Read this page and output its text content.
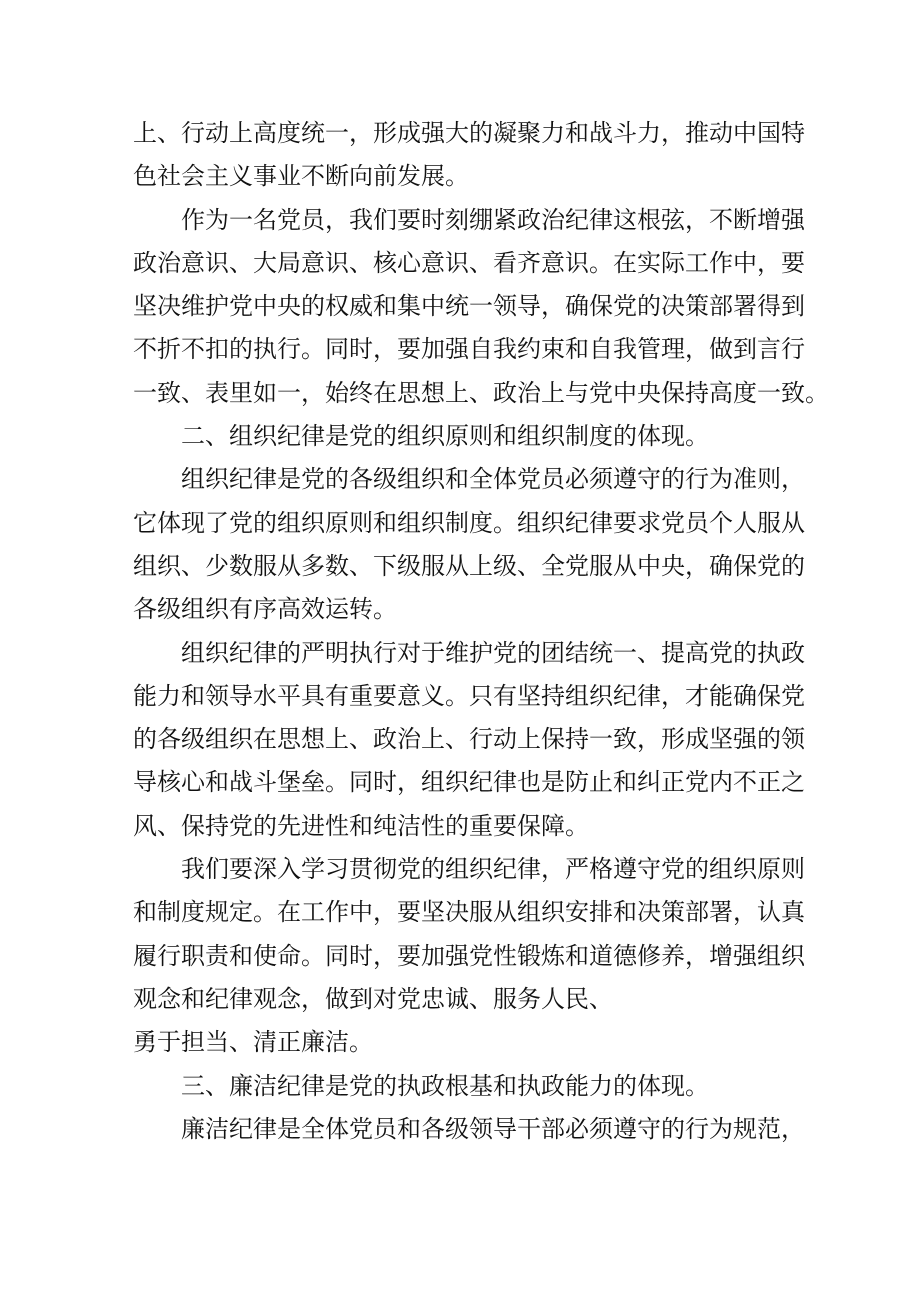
上、行动上高度统一，形成强大的凝聚力和战斗力，推动中国特
色社会主义事业不断向前发展。
　　作为一名党员，我们要时刻绷紧政治纪律这根弦，不断增强
政治意识、大局意识、核心意识、看齐意识。在实际工作中，要
坚决维护党中央的权威和集中统一领导，确保党的决策部署得到
不折不扣的执行。同时，要加强自我约束和自我管理，做到言行
一致、表里如一，始终在思想上、政治上与党中央保持高度一致。
　　二、组织纪律是党的组织原则和组织制度的体现。
　　组织纪律是党的各级组织和全体党员必须遵守的行为准则，
它体现了党的组织原则和组织制度。组织纪律要求党员个人服从
组织、少数服从多数、下级服从上级、全党服从中央，确保党的
各级组织有序高效运转。
　　组织纪律的严明执行对于维护党的团结统一、提高党的执政
能力和领导水平具有重要意义。只有坚持组织纪律，才能确保党
的各级组织在思想上、政治上、行动上保持一致，形成坚强的领
导核心和战斗堡垒。同时，组织纪律也是防止和纠正党内不正之
风、保持党的先进性和纯洁性的重要保障。
　　我们要深入学习贯彻党的组织纪律，严格遵守党的组织原则
和制度规定。在工作中，要坚决服从组织安排和决策部署，认真
履行职责和使命。同时，要加强党性锻炼和道德修养，增强组织
观念和纪律观念，做到对党忠诚、服务人民、
勇于担当、清正廉洁。
　　三、廉洁纪律是党的执政根基和执政能力的体现。
　　廉洁纪律是全体党员和各级领导干部必须遵守的行为规范，
